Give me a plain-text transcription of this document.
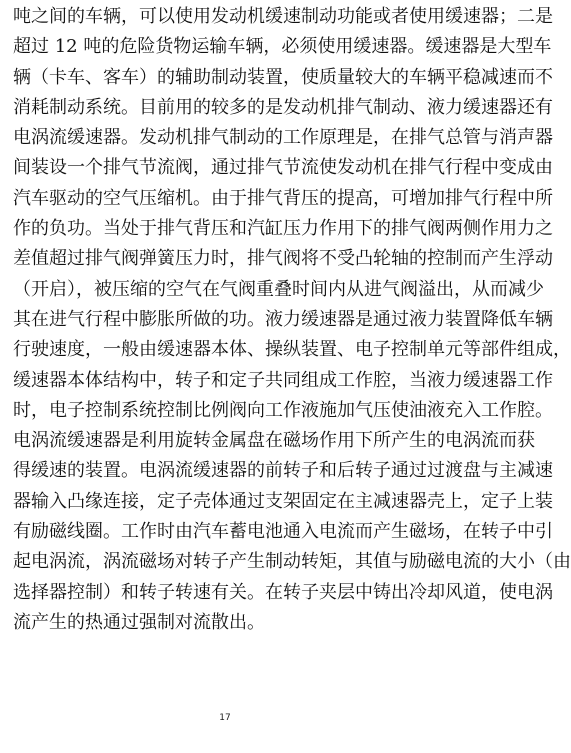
吨之间的车辆，可以使用发动机缓速制动功能或者使用缓速器；二是
超过 12 吨的危险货物运输车辆，必须使用缓速器。缓速器是大型车
辆（卡车、客车）的辅助制动装置，使质量较大的车辆平稳减速而不
消耗制动系统。目前用的较多的是发动机排气制动、液力缓速器还有
电涡流缓速器。发动机排气制动的工作原理是，在排气总管与消声器
间装设一个排气节流阀，通过排气节流使发动机在排气行程中变成由
汽车驱动的空气压缩机。由于排气背压的提高，可增加排气行程中所
作的负功。当处于排气背压和汽缸压力作用下的排气阀两侧作用力之
差值超过排气阀弹簧压力时，排气阀将不受凸轮轴的控制而产生浮动
（开启），被压缩的空气在气阀重叠时间内从进气阀溢出，从而减少
其在进气行程中膨胀所做的功。液力缓速器是通过液力装置降低车辆
行驶速度，一般由缓速器本体、操纵装置、电子控制单元等部件组成，
缓速器本体结构中，转子和定子共同组成工作腔，当液力缓速器工作
时，电子控制系统控制比例阀向工作液施加气压使油液充入工作腔。
电涡流缓速器是利用旋转金属盘在磁场作用下所产生的电涡流而获
得缓速的装置。电涡流缓速器的前转子和后转子通过过渡盘与主减速
器输入凸缘连接，定子壳体通过支架固定在主减速器壳上，定子上装
有励磁线圈。工作时由汽车蓄电池通入电流而产生磁场，在转子中引
起电涡流，涡流磁场对转子产生制动转矩，其值与励磁电流的大小（由
选择器控制）和转子转速有关。在转子夹层中铸出冷却风道，使电涡
流产生的热通过强制对流散出。
17
